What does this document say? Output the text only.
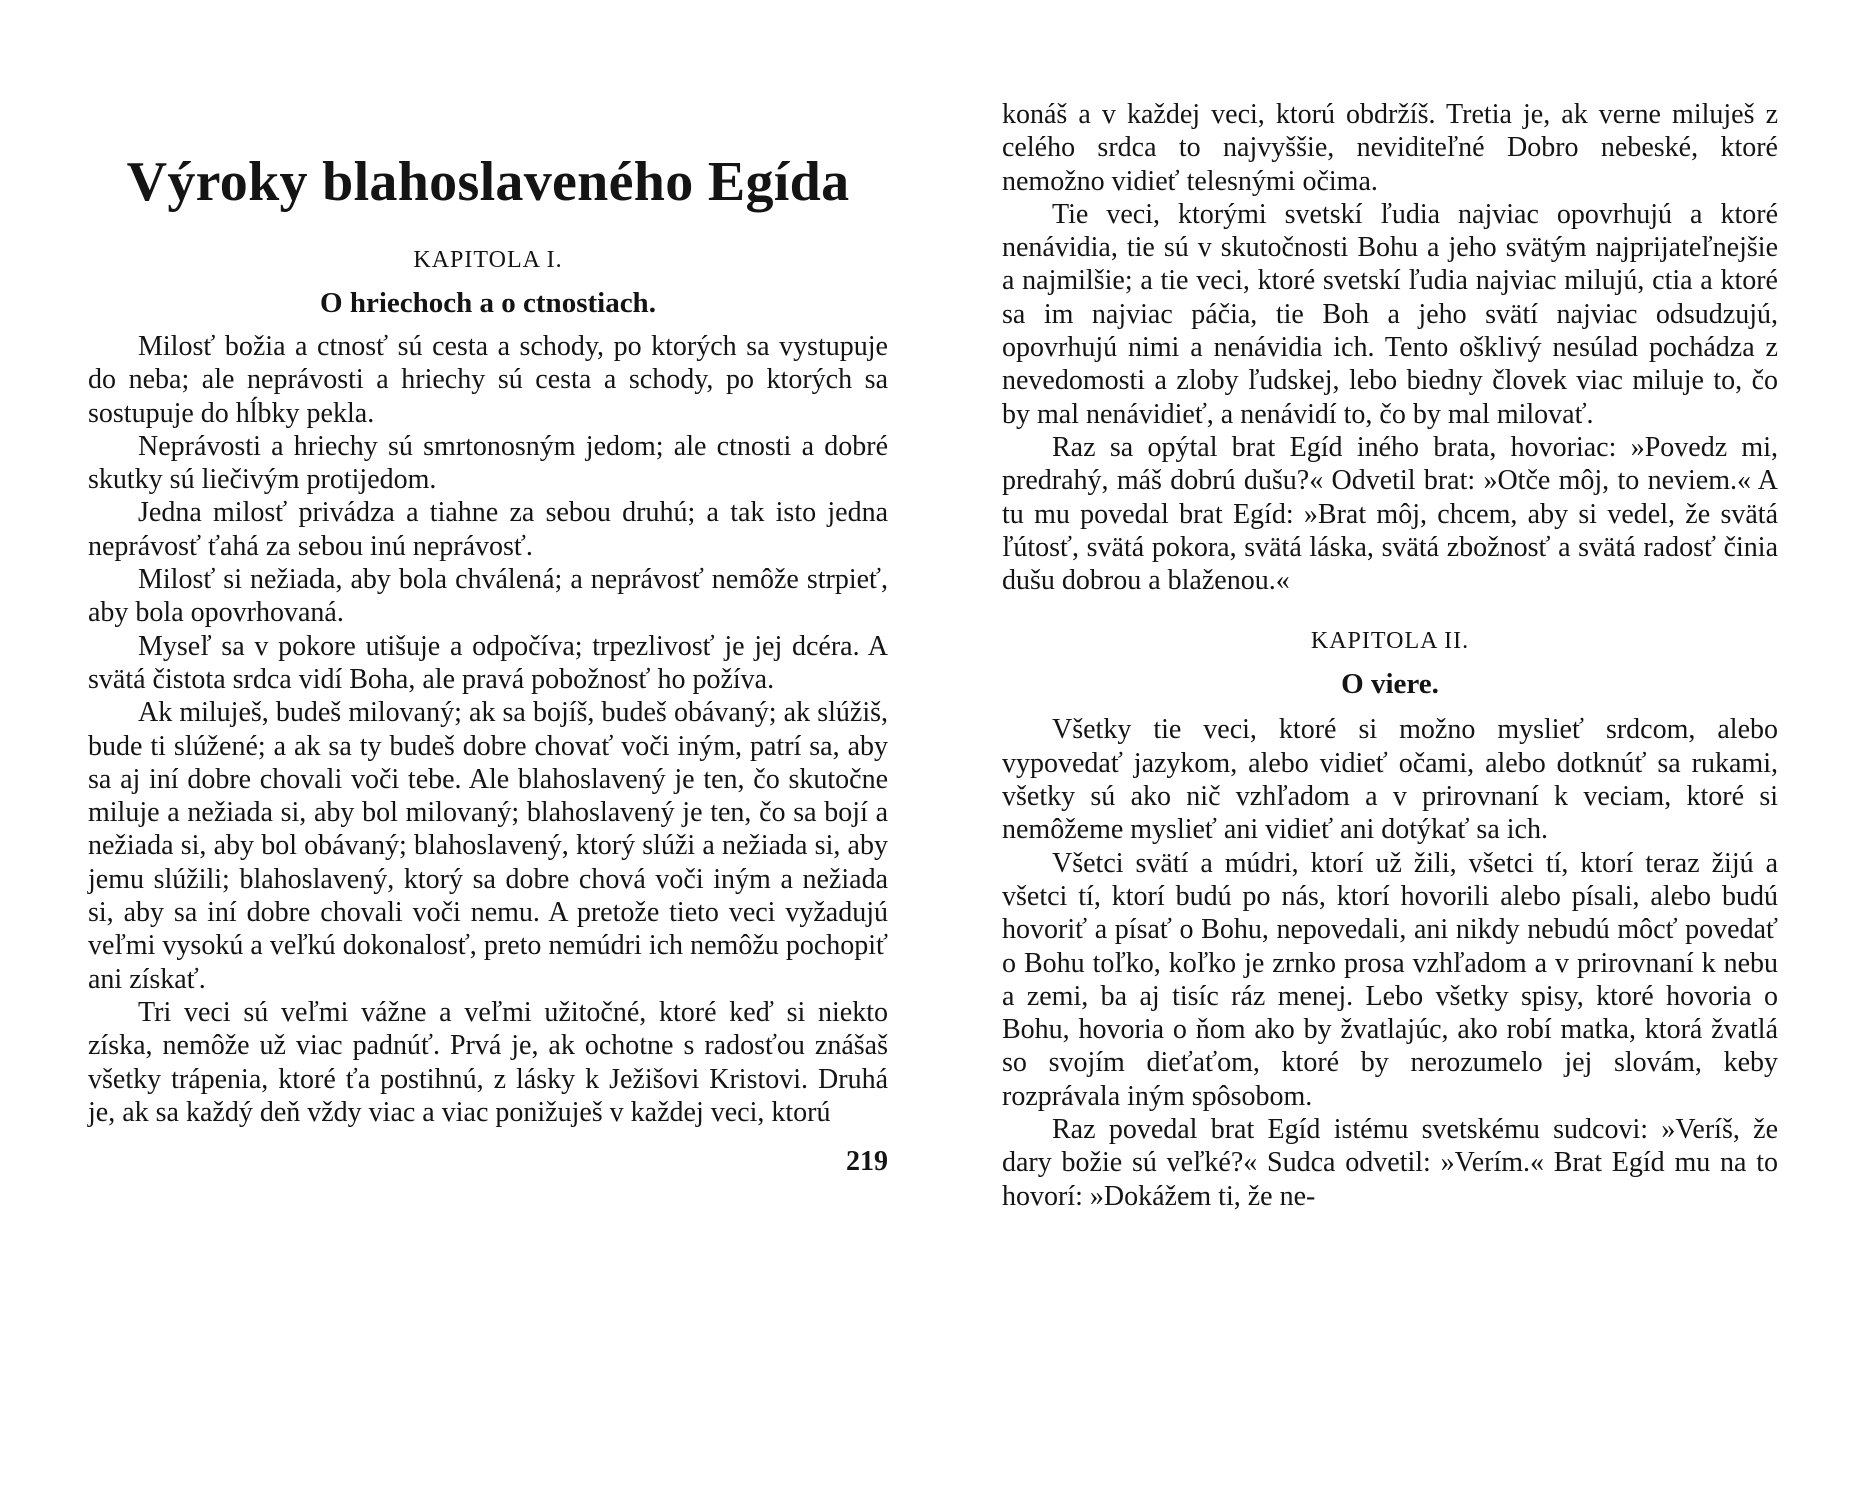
Výroky blahoslaveného Egída
KAPITOLA I.
O hriechoch a o ctnostiach.

Milosť božia a ctnosť sú cesta a schody, po ktorých sa vystupuje do neba; ale neprávosti a hriechy sú cesta a schody, po ktorých sa sostupuje do hĺbky pekla.

Neprávosti a hriechy sú smrtonosným jedom; ale ctnosti a dobré skutky sú liečivým protijedom.

Jedna milosť privádza a tiahne za sebou druhú; a tak isto jedna neprávosť ťahá za sebou inú neprávosť.

Milosť si nežiada, aby bola chválená; a neprávosť nemôže strpieť, aby bola opovrhovaná.

Myseľ sa v pokore utišuje a odpočíva; trpezlivosť je jej dcéra. A svätá čistota srdca vidí Boha, ale pravá pobožnosť ho požíva.

Ak miluješ, budeš milovaný; ak sa bojíš, budeš obávaný; ak slúžiš, bude ti slúžené; a ak sa ty budeš dobre chovať voči iným, patrí sa, aby sa aj iní dobre chovali voči tebe. Ale blahoslavený je ten, čo skutočne miluje a nežiada si, aby bol milovaný; blahoslavený je ten, čo sa bojí a nežiada si, aby bol obávaný; blahoslavený, ktorý slúži a nežiada si, aby jemu slúžili; blahoslavený, ktorý sa dobre chová voči iným a nežiada si, aby sa iní dobre chovali voči nemu. A pretože tieto veci vyžadujú veľmi vysokú a veľkú dokonalosť, preto nemúdri ich nemôžu pochopiť ani získať.

Tri veci sú veľmi vážne a veľmi užitočné, ktoré keď si niekto získa, nemôže už viac padnúť. Prvá je, ak ochotne s radosťou znášaš všetky trápenia, ktoré ťa postihnú, z lásky k Ježišovi Kristovi. Druhá je, ak sa každý deň vždy viac a viac ponižuješ v každej veci, ktorú

219

konáš a v každej veci, ktorú obdržíš. Tretia je, ak verne miluješ z celého srdca to najvyššie, neviditeľné Dobro nebeské, ktoré nemožno vidieť telesnými očima.

Tie veci, ktorými svetskí ľudia najviac opovrhujú a ktoré nenávidia, tie sú v skutočnosti Bohu a jeho svätým najprijateľnejšie a najmilšie; a tie veci, ktoré svetskí ľudia najviac milujú, ctia a ktoré sa im najviac páčia, tie Boh a jeho svätí najviac odsudzujú, opovrhujú nimi a nenávidia ich. Tento ošklivý nesúlad pochádza z nevedomosti a zloby ľudskej, lebo biedny človek viac miluje to, čo by mal nenávidieť, a nenávidí to, čo by mal milovať.

Raz sa opýtal brat Egíd iného brata, hovoriac: »Povedz mi, predrahý, máš dobrú dušu?« Odvetil brat: »Otče môj, to neviem.« A tu mu povedal brat Egíd: »Brat môj, chcem, aby si vedel, že svätá ľútosť, svätá pokora, svätá láska, svätá zbožnosť a svätá radosť činia dušu dobrou a blaženou.«

KAPITOLA II.
O viere.

Všetky tie veci, ktoré si možno myslieť srdcom, alebo vypovedať jazykom, alebo vidieť očami, alebo dotknúť sa rukami, všetky sú ako nič vzhľadom a v prirovnaní k veciam, ktoré si nemôžeme myslieť ani vidieť ani dotýkať sa ich.

Všetci svätí a múdri, ktorí už žili, všetci tí, ktorí teraz žijú a všetci tí, ktorí budú po nás, ktorí hovorili alebo písali, alebo budú hovoriť a písať o Bohu, nepovedali, ani nikdy nebudú môcť povedať o Bohu toľko, koľko je zrnko prosa vzhľadom a v prirovnaní k nebu a zemi, ba aj tisíc ráz menej. Lebo všetky spisy, ktoré hovoria o Bohu, hovoria o ňom ako by žvatlajúc, ako robí matka, ktorá žvatlá so svojím dieťaťom, ktoré by nerozumelo jej slovám, keby rozprávala iným spôsobom.

Raz povedal brat Egíd istému svetskému sudcovi: »Veríš, že dary božie sú veľké?« Sudca odvetil: »Verím.« Brat Egíd mu na to hovorí: »Dokážem ti, že ne-
